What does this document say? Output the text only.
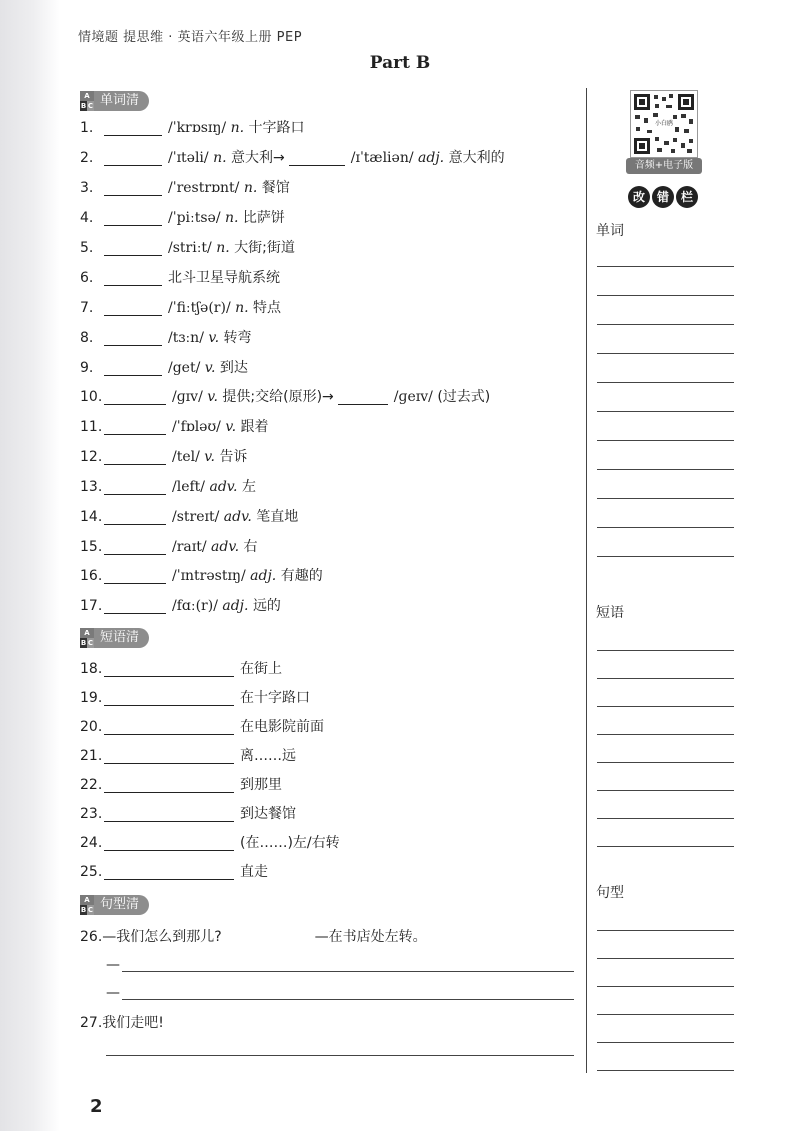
情境题 提思维 · 英语六年级上册 PEP
Part B
A
B C 单词清
A
B C 短语清
A
B C 句型清
1.	/ˈkrɒsɪŋ/ n. 十字路口
2.	/ˈɪtəli/ n. 意大利→	/ɪˈtæliən/ adj. 意大利的
3.	/ˈrestrɒnt/ n. 餐馆
4.	/ˈpiːtsə/ n. 比萨饼
5.	/striːt/ n. 大街;街道
6.	北斗卫星导航系统
7.	/ˈfiːtʃə(r)/ n. 特点
8.	/tɜːn/ v. 转弯
9.	/get/ v. 到达
10.	/ɡɪv/ v. 提供;交给(原形)→	/ɡeɪv/ (过去式)
11.	/ˈfɒləʊ/ v. 跟着
12.	/tel/ v. 告诉
13.	/left/ adv. 左
14.	/streɪt/ adv. 笔直地
15.	/raɪt/ adv. 右
16.	/ˈɪntrəstɪŋ/ adj. 有趣的
17.	/fɑː(r)/ adj. 远的
18.	在街上
19.	在十字路口
20.	在电影院前面
21.	离……远
22.	到那里
23.	到达餐馆
24.	(在……)左/右转
25.	直走
26.—我们怎么到那儿?	—在书店处左转。
—
—
27.我们走吧!
小白鸥
音频+电子版
改 错 栏
单词
短语
句型
2
